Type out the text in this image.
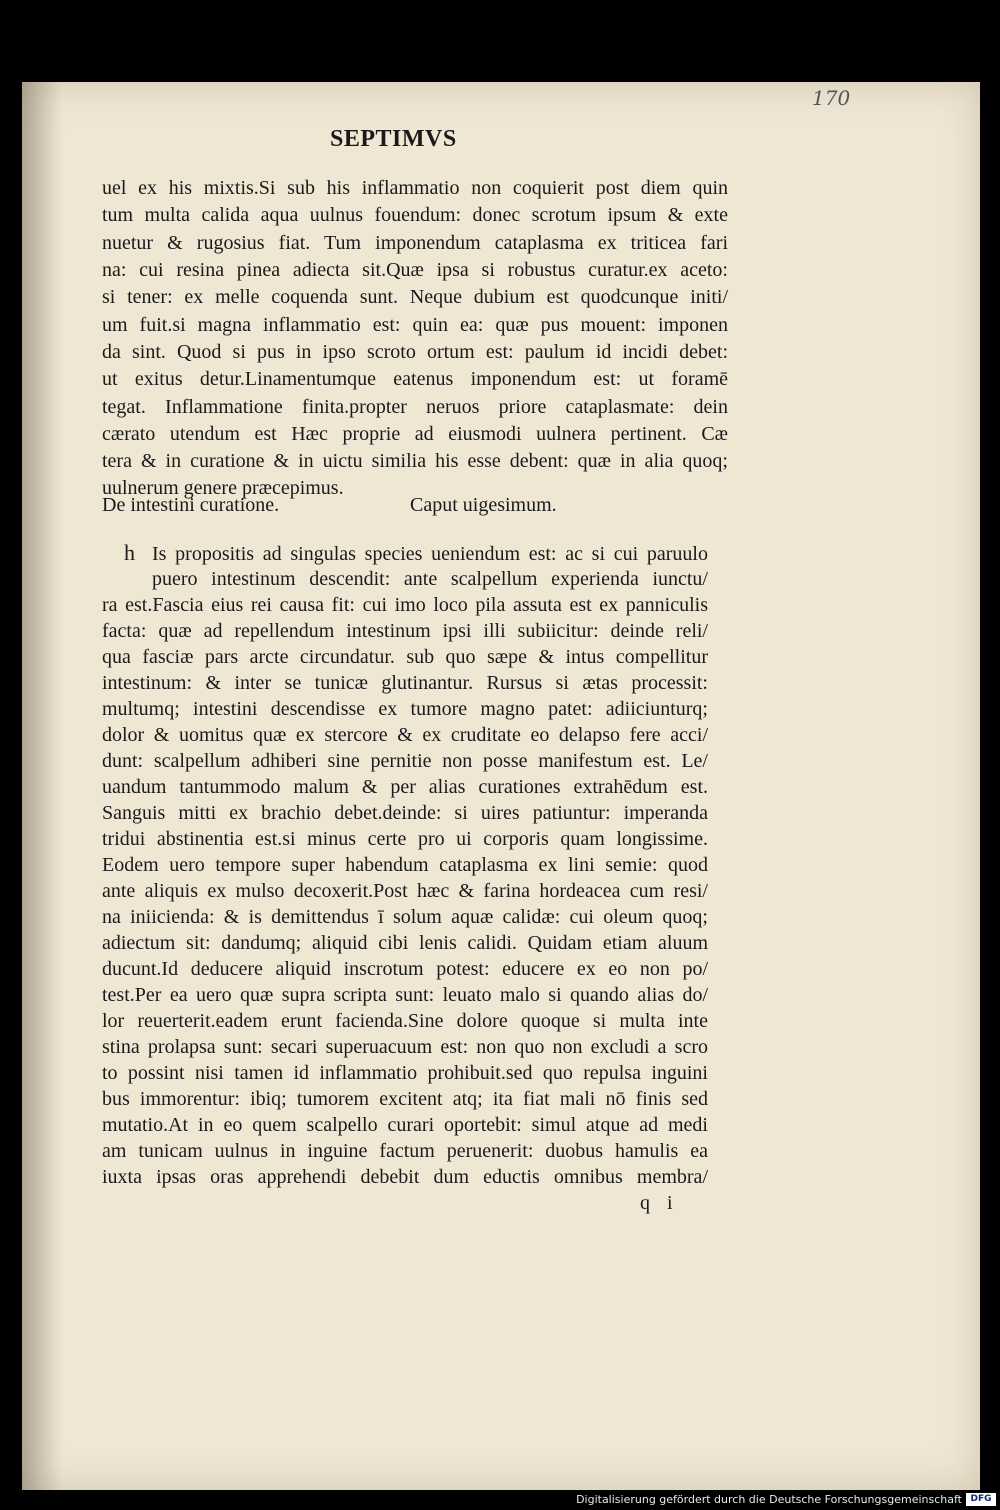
170
SEPTIMVS
uel ex his mixtis.Si sub his inflammatio non coquierit post diem quin
tum multa calida aqua uulnus fouendum: donec scrotum ipsum & exte
nuetur & rugosius fiat. Tum imponendum cataplasma ex triticea fari
na: cui resina pinea adiecta sit.Quæ ipsa si robustus curatur.ex aceto:
si tener: ex melle coquenda sunt. Neque dubium est quodcunque initi/
um fuit.si magna inflammatio est: quin ea: quæ pus mouent: imponen
da sint. Quod si pus in ipso scroto ortum est: paulum id incidi debet:
ut exitus detur.Linamentumque eatenus imponendum est: ut foramē
tegat. Inflammatione finita.propter neruos priore cataplasmate: dein
cærato utendum est Hæc proprie ad eiusmodi uulnera pertinent. Cæ
tera & in curatione & in uictu similia his esse debent: quæ in alia quoq;
uulnerum genere præcepimus.
De intestini curatione.	Caput uigesimum.
h Is propositis ad singulas species ueniendum est: ac si cui paruulo
puero intestinum descendit: ante scalpellum experienda iunctu/
ra est.Fascia eius rei causa fit: cui imo loco pila assuta est ex panniculis
facta: quæ ad repellendum intestinum ipsi illi subiicitur: deinde reli/
qua fasciæ pars arcte circundatur. sub quo sæpe & intus compellitur
intestinum: & inter se tunicæ glutinantur. Rursus si ætas processit:
multumq; intestini descendisse ex tumore magno patet: adiiciunturq;
dolor & uomitus quæ ex stercore & ex cruditate eo delapso fere acci/
dunt: scalpellum adhiberi sine pernitie non posse manifestum est. Le/
uandum tantummodo malum & per alias curationes extrahēdum est.
Sanguis mitti ex brachio debet.deinde: si uires patiuntur: imperanda
tridui abstinentia est.si minus certe pro ui corporis quam longissime.
Eodem uero tempore super habendum cataplasma ex lini semie: quod
ante aliquis ex mulso decoxerit.Post hæc & farina hordeacea cum resi/
na iniicienda: & is demittendus ī solum aquæ calidæ: cui oleum quoq;
adiectum sit: dandumq; aliquid cibi lenis calidi. Quidam etiam aluum
ducunt.Id deducere aliquid inscrotum potest: educere ex eo non po/
test.Per ea uero quæ supra scripta sunt: leuato malo si quando alias do/
lor reuerterit.eadem erunt facienda.Sine dolore quoque si multa inte
stina prolapsa sunt: secari superuacuum est: non quo non excludi a scro
to possint nisi tamen id inflammatio prohibuit.sed quo repulsa inguini
bus immorentur: ibiq; tumorem excitent atq; ita fiat mali nō finis sed
mutatio.At in eo quem scalpello curari oportebit: simul atque ad medi
am tunicam uulnus in inguine factum peruenerit: duobus hamulis ea
iuxta ipsas oras apprehendi debebit dum eductis omnibus membra/
q i
Digitalisierung gefördert durch die Deutsche Forschungsgemeinschaft DFG
